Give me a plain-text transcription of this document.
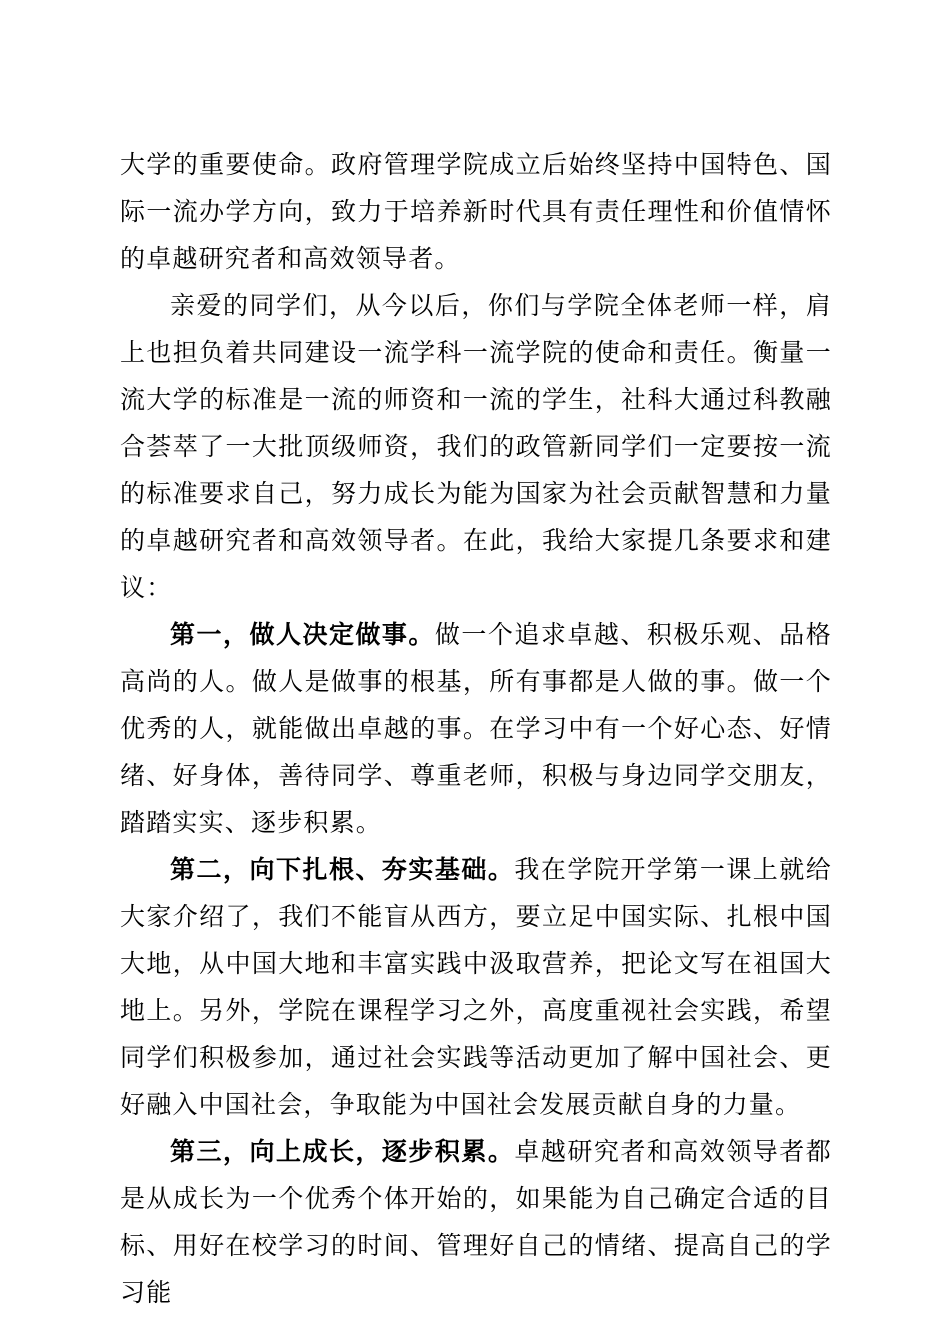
大学的重要使命。政府管理学院成立后始终坚持中国特色、国际一流办学方向，致力于培养新时代具有责任理性和价值情怀的卓越研究者和高效领导者。

亲爱的同学们，从今以后，你们与学院全体老师一样，肩上也担负着共同建设一流学科一流学院的使命和责任。衡量一流大学的标准是一流的师资和一流的学生，社科大通过科教融合荟萃了一大批顶级师资，我们的政管新同学们一定要按一流的标准要求自己，努力成长为能为国家为社会贡献智慧和力量的卓越研究者和高效领导者。在此，我给大家提几条要求和建议：

第一，做人决定做事。做一个追求卓越、积极乐观、品格高尚的人。做人是做事的根基，所有事都是人做的事。做一个优秀的人，就能做出卓越的事。在学习中有一个好心态、好情绪、好身体，善待同学、尊重老师，积极与身边同学交朋友，踏踏实实、逐步积累。

第二，向下扎根、夯实基础。我在学院开学第一课上就给大家介绍了，我们不能盲从西方，要立足中国实际、扎根中国大地，从中国大地和丰富实践中汲取营养，把论文写在祖国大地上。另外，学院在课程学习之外，高度重视社会实践，希望同学们积极参加，通过社会实践等活动更加了解中国社会、更好融入中国社会，争取能为中国社会发展贡献自身的力量。

第三，向上成长，逐步积累。卓越研究者和高效领导者都是从成长为一个优秀个体开始的，如果能为自己确定合适的目标、用好在校学习的时间、管理好自己的情绪、提高自己的学习能
